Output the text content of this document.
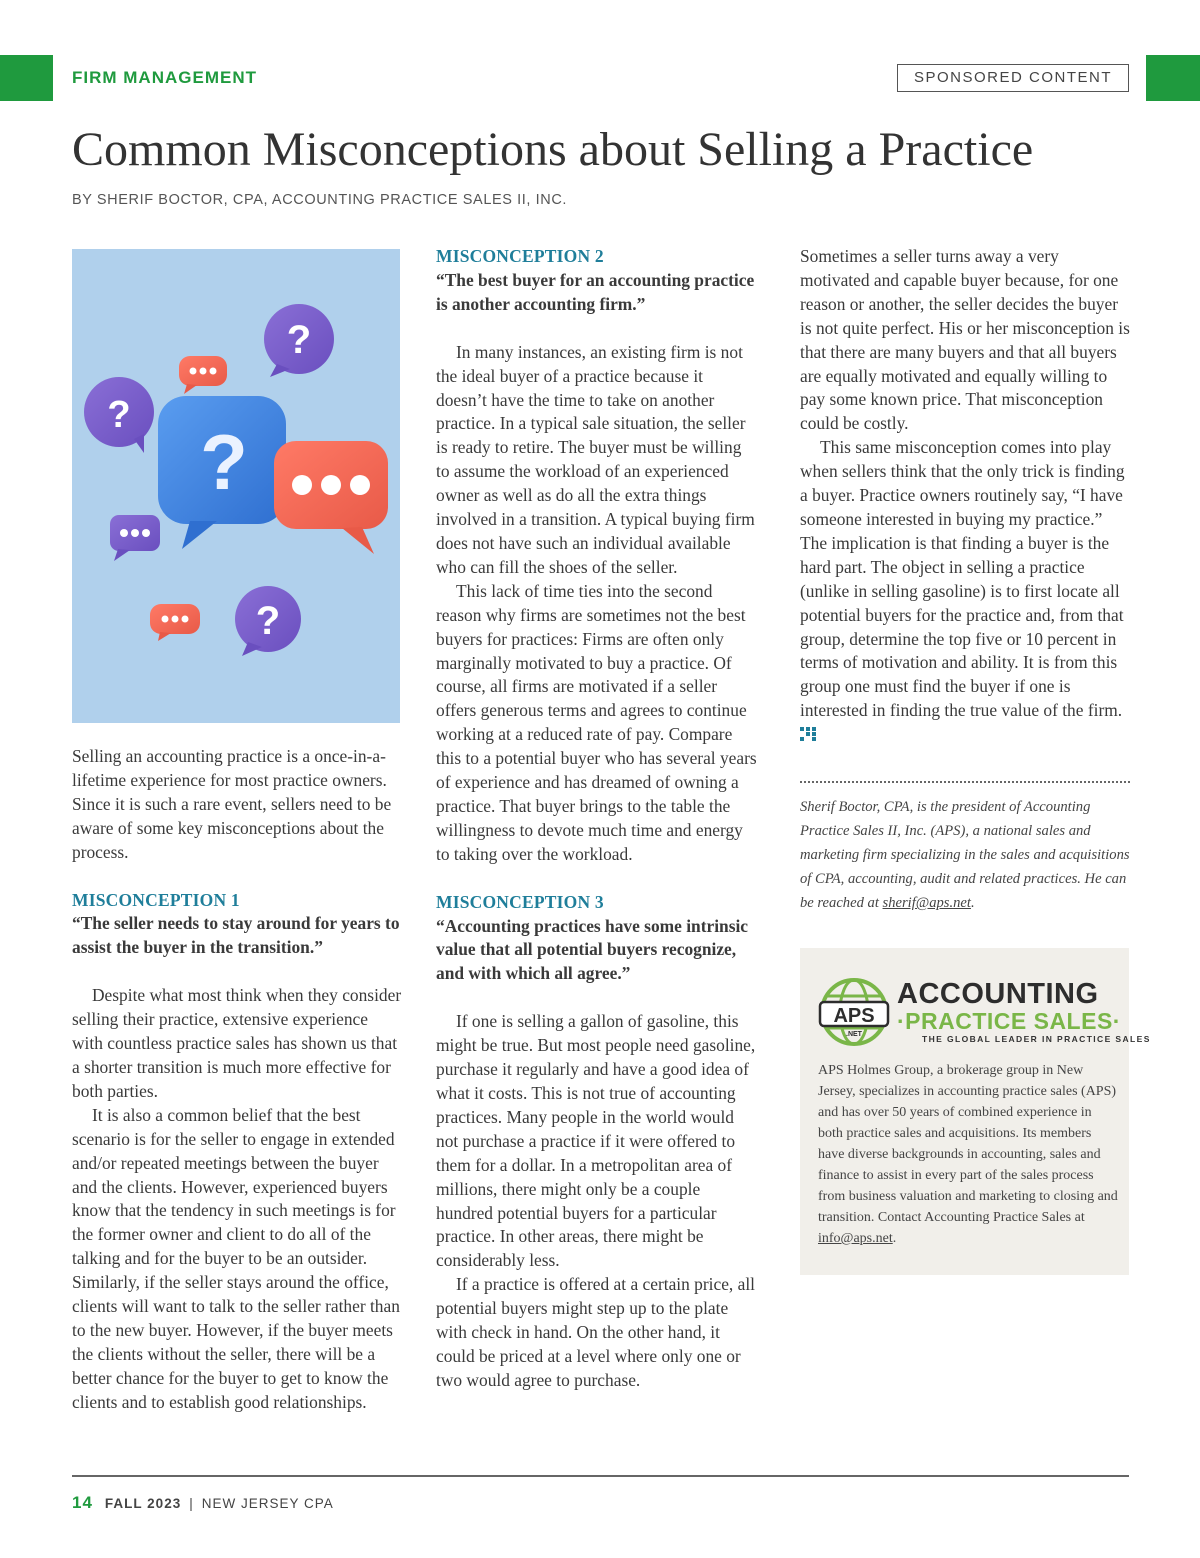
FIRM MANAGEMENT	SPONSORED CONTENT
Common Misconceptions about Selling a Practice
BY SHERIF BOCTOR, CPA, ACCOUNTING PRACTICE SALES II, INC.
?
?
?
?

Selling an accounting practice is a once-in-a-lifetime experience for most practice owners. Since it is such a rare event, sellers need to be aware of some key misconceptions about the process.

MISCONCEPTION 1
“The seller needs to stay around for years to assist the buyer in the transition.”

Despite what most think when they consider selling their practice, extensive experience with countless practice sales has shown us that a shorter transition is much more effective for both parties.

It is also a common belief that the best scenario is for the seller to engage in extended and/or repeated meetings between the buyer and the clients. However, experienced buyers know that the tendency in such meetings is for the former owner and client to do all of the talking and for the buyer to be an outsider. Similarly, if the seller stays around the office, clients will want to talk to the seller rather than to the new buyer. However, if the buyer meets the clients without the seller, there will be a better chance for the buyer to get to know the clients and to establish good relationships.

MISCONCEPTION 2
“The best buyer for an accounting practice is another accounting firm.”

In many instances, an existing firm is not the ideal buyer of a practice because it doesn’t have the time to take on another practice. In a typical sale situation, the seller is ready to retire. The buyer must be willing to assume the workload of an experienced owner as well as do all the extra things involved in a transition. A typical buying firm does not have such an individual available who can fill the shoes of the seller.

This lack of time ties into the second reason why firms are sometimes not the best buyers for practices: Firms are often only marginally motivated to buy a practice. Of course, all firms are motivated if a seller offers generous terms and agrees to continue working at a reduced rate of pay. Compare this to a potential buyer who has several years of experience and has dreamed of owning a practice. That buyer brings to the table the willingness to devote much time and energy to taking over the workload.

MISCONCEPTION 3
“Accounting practices have some intrinsic value that all potential buyers recognize, and with which all agree.”

If one is selling a gallon of gasoline, this might be true. But most people need gasoline, purchase it regularly and have a good idea of what it costs. This is not true of accounting practices. Many people in the world would not purchase a practice if it were offered to them for a dollar. In a metropolitan area of millions, there might only be a couple hundred potential buyers for a particular practice. In other areas, there might be considerably less.

If a practice is offered at a certain price, all potential buyers might step up to the plate with check in hand. On the other hand, it could be priced at a level where only one or two would agree to purchase.

Sometimes a seller turns away a very motivated and capable buyer because, for one reason or another, the seller decides the buyer is not quite perfect. His or her misconception is that there are many buyers and that all buyers are equally motivated and equally willing to pay some known price. That misconception could be costly.

This same misconception comes into play when sellers think that the only trick is finding a buyer. Practice owners routinely say, “I have someone interested in buying my practice.” The implication is that finding a buyer is the hard part. The object in selling a practice (unlike in selling gasoline) is to first locate all potential buyers for the practice and, from that group, determine the top five or 10 percent in terms of motivation and ability. It is from this group one must find the buyer if one is interested in finding the true value of the firm.

Sherif Boctor, CPA, is the president of Accounting Practice Sales II, Inc. (APS), a national sales and marketing firm specializing in the sales and acquisitions of CPA, accounting, audit and related practices. He can be reached at sherif@aps.net.
APS
.NET
ACCOUNTING
·PRACTICE SALES·
THE GLOBAL LEADER IN PRACTICE SALES
APS Holmes Group, a brokerage group in New Jersey, specializes in accounting practice sales (APS) and has over 50 years of combined experience in both practice sales and acquisitions. Its members have diverse backgrounds in accounting, sales and finance to assist in every part of the sales process from business valuation and marketing to closing and transition. Contact Accounting Practice Sales at info@aps.net.
14 FALL 2023 | NEW JERSEY CPA
